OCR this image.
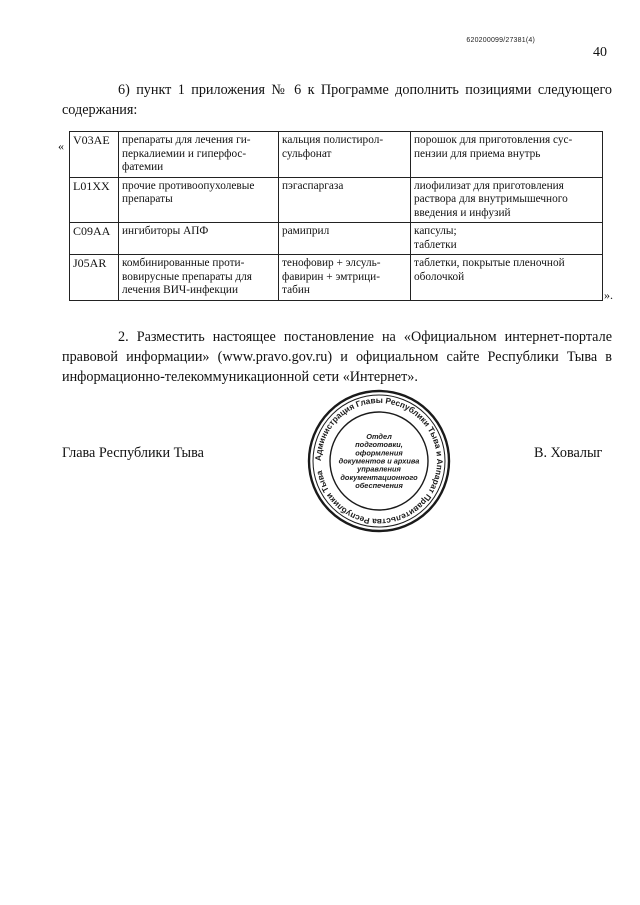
620200099/27381(4)
40
6) пункт 1 приложения № 6 к Программе дополнить позициями следующего содержания:
« V03AE	препараты для лечения ги-перкалиемии и гиперфос-фатемии	кальция полистирол-сульфонат	порошок для приготовления сус-пензии для приема внутрь
L01XX	прочие противоопухолевые препараты	пэгаспаргаза	лиофилизат для приготовления раствора для внутримышечного введения и инфузий
C09AA	ингибиторы АПФ	рамиприл	капсулы;
таблетки
J05AR	комбинированные проти-вовирусные препараты для лечения ВИЧ-инфекции	тенофовир + элсуль-фавирин + эмтрици-табин	таблетки, покрытые пленочной оболочкой
».
2. Разместить настоящее постановление на «Официальном интернет-портале правовой информации» (www.pravo.gov.ru) и официальном сайте Республики Тыва в информационно-телекоммуникационной сети «Интернет».
Глава Республики Тыва	В. Ховалыг
Администрация Главы Республики Тыва и Аппарат Правительства Республики Тыва
Отдел
подготовки,
оформления
документов и архива
управления
документационного
обеспечения
